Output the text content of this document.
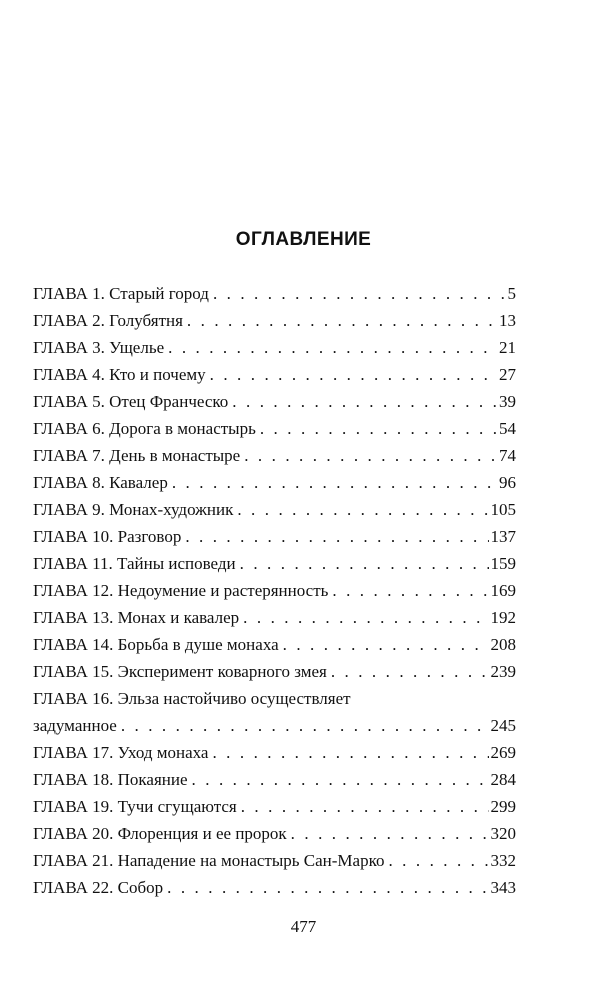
ОГЛАВЛЕНИЕ
ГЛАВА 1. Старый город . . .	5
ГЛАВА 2. Голубятня . . .	13
ГЛАВА 3. Ущелье . . .	21
ГЛАВА 4. Кто и почему . . .	27
ГЛАВА 5. Отец Франческо . . .	39
ГЛАВА 6. Дорога в монастырь . . .	54
ГЛАВА 7. День в монастыре . . .	74
ГЛАВА 8. Кавалер . . .	96
ГЛАВА 9. Монах-художник . . .	105
ГЛАВА 10. Разговор . . .	137
ГЛАВА 11. Тайны исповеди . . .	159
ГЛАВА 12. Недоумение и растерянность . . .	169
ГЛАВА 13. Монах и кавалер . . .	192
ГЛАВА 14. Борьба в душе монаха . . .	208
ГЛАВА 15. Эксперимент коварного змея . . .	239
ГЛАВА 16. Эльза настойчиво осуществляет
задуманное . . .	245
ГЛАВА 17. Уход монаха . . .	269
ГЛАВА 18. Покаяние . . .	284
ГЛАВА 19. Тучи сгущаются . . .	299
ГЛАВА 20. Флоренция и ее пророк . . .	320
ГЛАВА 21. Нападение на монастырь Сан-Марко . . .	332
ГЛАВА 22. Собор . . .	343
477
